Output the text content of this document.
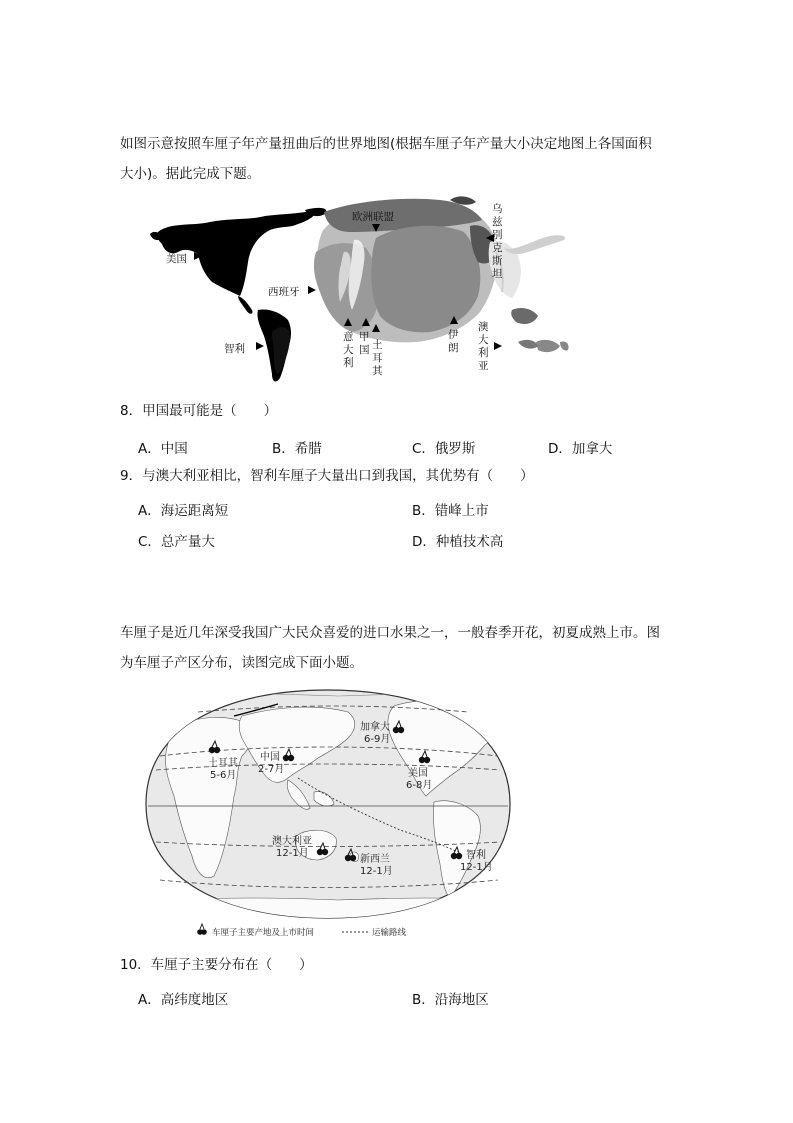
如图示意按照车厘子年产量扭曲后的世界地图(根据车厘子年产量大小决定地图上各国面积
大小)。据此完成下题。
美国
西班牙
智利
欧洲联盟
意
大
利
甲
国 土
耳
其
伊
朗
乌
兹
别
克
斯
坦
澳
大
利
亚
8．甲国最可能是（　　）
A．中国	B．希腊	C．俄罗斯	D．加拿大
9．与澳大利亚相比，智利车厘子大量出口到我国，其优势有（　　）
A．海运距离短	B．错峰上市
C．总产量大	D．种植技术高
车厘子是近几年深受我国广大民众喜爱的进口水果之一，一般春季开花，初夏成熟上市。图
为车厘子产区分布，读图完成下面小题。
土耳其
5-6月
中国
2-7月
加拿大
6-9月
美国
6-8月
澳大利亚
12-1月
新西兰
12-1月
智利
12-1月
车厘子主要产地及上市时间	运输路线
10．车厘子主要分布在（　　）
A．高纬度地区	B．沿海地区
